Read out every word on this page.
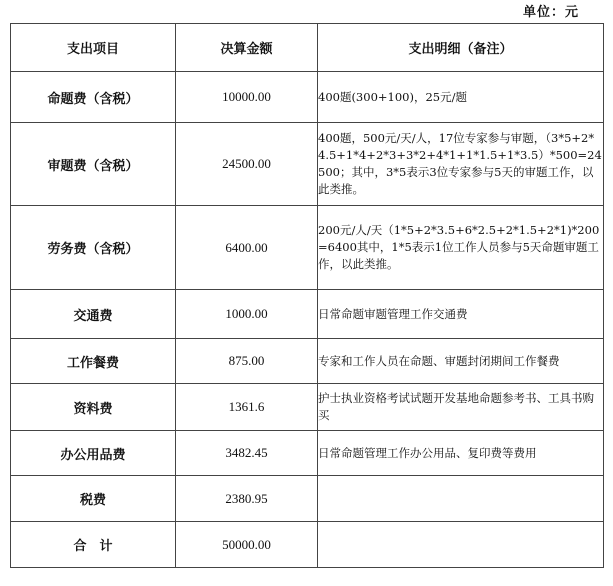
单位：元
支出项目	决算金额	支出明细（备注）
命题费（含税）	10000.00	400题(300+100)，25元/题
审题费（含税）	24500.00	400题，500元/天/人，17位专家参与审题，（3*5+2*4.5+1*4+2*3+3*2+4*1+1*1.5+1*3.5）*500=24500；其中，3*5表示3位专家参与5天的审题工作，以此类推。
劳务费（含税）	6400.00	200元/人/天（1*5+2*3.5+6*2.5+2*1.5+2*1)*200=6400其中，1*5表示1位工作人员参与5天命题审题工作，以此类推。
交通费	1000.00	日常命题审题管理工作交通费
工作餐费	875.00	专家和工作人员在命题、审题封闭期间工作餐费
资料费	1361.6	护士执业资格考试试题开发基地命题参考书、工具书购买
办公用品费	3482.45	日常命题管理工作办公用品、复印费等费用
税费	2380.95	
合　计	50000.00	
